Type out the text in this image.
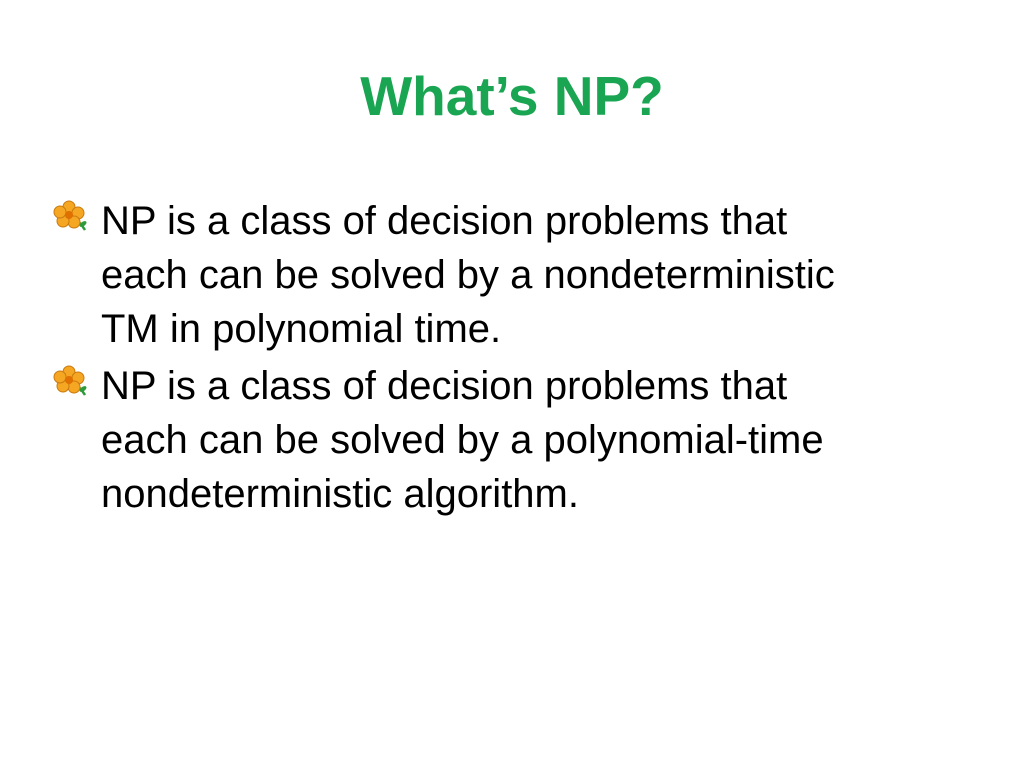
What’s NP?
NP is a class of decision problems that
each can be solved by a nondeterministic
TM in polynomial time.
NP is a class of decision problems that
each can be solved by a polynomial-time
nondeterministic algorithm.
